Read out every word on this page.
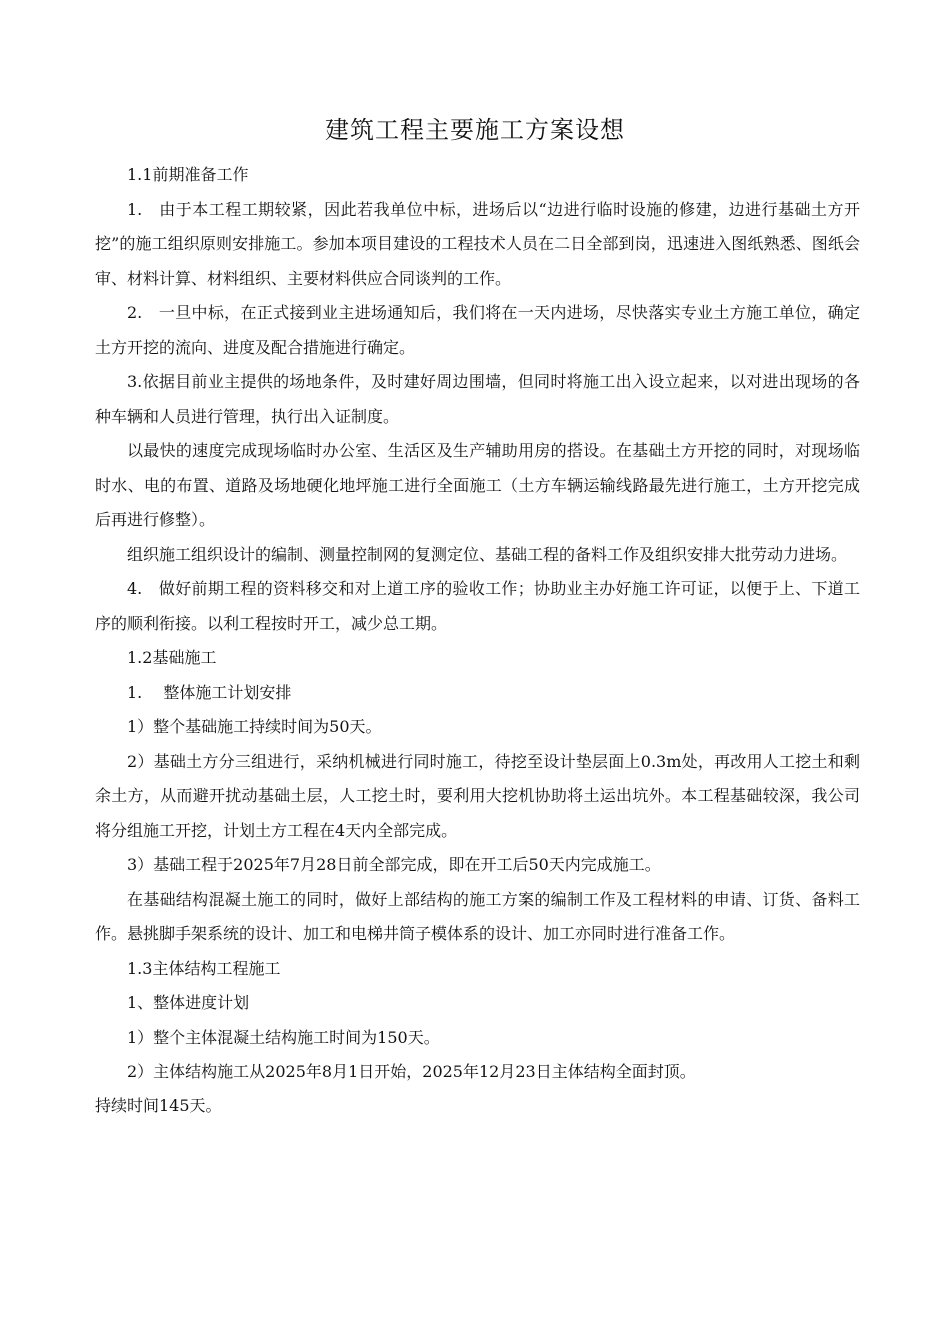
建筑工程主要施工方案设想

1.1前期准备工作

1.　由于本工程工期较紧，因此若我单位中标，进场后以“边进行临时设施的修建，边进行基础土方开挖”的施工组织原则安排施工。参加本项目建设的工程技术人员在二日全部到岗，迅速进入图纸熟悉、图纸会审、材料计算、材料组织、主要材料供应合同谈判的工作。

2.　一旦中标，在正式接到业主进场通知后，我们将在一天内进场，尽快落实专业土方施工单位，确定土方开挖的流向、进度及配合措施进行确定。

3.依据目前业主提供的场地条件，及时建好周边围墙，但同时将施工出入设立起来，以对进出现场的各种车辆和人员进行管理，执行出入证制度。

以最快的速度完成现场临时办公室、生活区及生产辅助用房的搭设。在基础土方开挖的同时，对现场临时水、电的布置、道路及场地硬化地坪施工进行全面施工（土方车辆运输线路最先进行施工，土方开挖完成后再进行修整）。

组织施工组织设计的编制、测量控制网的复测定位、基础工程的备料工作及组织安排大批劳动力进场。

4.　做好前期工程的资料移交和对上道工序的验收工作；协助业主办好施工许可证，以便于上、下道工序的顺利衔接。以利工程按时开工，减少总工期。

1.2基础施工

1.　 整体施工计划安排

1）整个基础施工持续时间为50天。

2）基础土方分三组进行，采纳机械进行同时施工，待挖至设计垫层面上0.3m处，再改用人工挖土和剩余土方，从而避开扰动基础土层，人工挖土时，要利用大挖机协助将土运出坑外。本工程基础较深，我公司将分组施工开挖，计划土方工程在4天内全部完成。

3）基础工程于2025年7月28日前全部完成，即在开工后50天内完成施工。

在基础结构混凝土施工的同时，做好上部结构的施工方案的编制工作及工程材料的申请、订货、备料工作。悬挑脚手架系统的设计、加工和电梯井筒子模体系的设计、加工亦同时进行准备工作。

1.3主体结构工程施工

1、整体进度计划

1）整个主体混凝土结构施工时间为150天。

2）主体结构施工从2025年8月1日开始，2025年12月23日主体结构全面封顶。

持续时间145天。
